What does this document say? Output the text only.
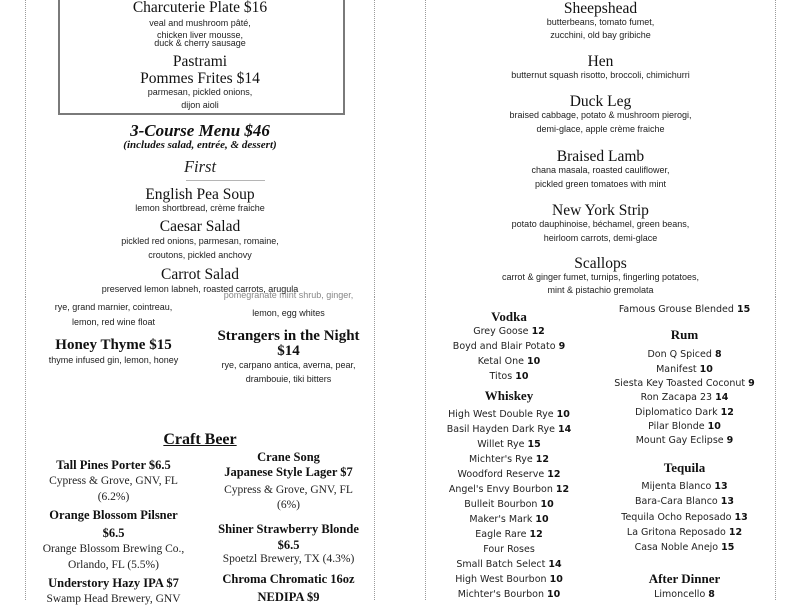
Charcuterie Plate $16
veal and mushroom pâté,
chicken liver mousse,
duck & cherry sausage
Pastrami
Pommes Frites $14
parmesan, pickled onions,
dijon aioli
3-Course Menu $46
(includes salad, entrée, & dessert)
First
English Pea Soup
lemon shortbread, crème fraiche
Caesar Salad
pickled red onions, parmesan, romaine,
croutons, pickled anchovy
Carrot Salad
preserved lemon labneh, roasted carrots, arugula
Sheepshead
butterbeans, tomato fumet,
zucchini, old bay gribiche
Hen
butternut squash risotto, broccoli, chimichurri
Duck Leg
braised cabbage, potato & mushroom pierogi,
demi-glace, apple crème fraiche
Braised Lamb
chana masala, roasted cauliflower,
pickled green tomatoes with mint
New York Strip
potato dauphinoise, béchamel, green beans,
heirloom carrots, demi-glace
Scallops
carrot & ginger fumet, turnips, fingerling potatoes,
mint & pistachio gremolata
rye, grand marnier, cointreau,
lemon, red wine float
Honey Thyme $15
thyme infused gin, lemon, honey
pomegranate mint shrub, ginger,
lemon, egg whites
Strangers in the Night
$14
rye, carpano antica, averna, pear,
drambouie, tiki bitters
Craft Beer
Tall Pines Porter $6.5
Cypress & Grove, GNV, FL
(6.2%)
Orange Blossom Pilsner
$6.5
Orange Blossom Brewing Co.,
Orlando, FL (5.5%)
Understory Hazy IPA $7
Swamp Head Brewery, GNV
Crane Song
Japanese Style Lager $7
Cypress & Grove, GNV, FL
(6%)
Shiner Strawberry Blonde
$6.5
Spoetzl Brewery, TX (4.3%)
Chroma Chromatic 16oz
NEDIPA $9
Vodka
Grey Goose 12
Boyd and Blair Potato 9
Ketal One 10
Titos 10
Whiskey
High West Double Rye 10
Basil Hayden Dark Rye 14
Willet Rye 15
Michter's Rye 12
Woodford Reserve 12
Angel's Envy Bourbon 12
Bulleit Bourbon 10
Maker's Mark 10
Eagle Rare 12
Four Roses
Small Batch Select 14
High West Bourbon 10
Michter's Bourbon 10
Famous Grouse Blended 15
Rum
Don Q Spiced 8
Manifest 10
Siesta Key Toasted Coconut 9
Ron Zacapa 23 14
Diplomatico Dark 12
Pilar Blonde 10
Mount Gay Eclipse 9
Tequila
Mijenta Blanco 13
Bara-Cara Blanco 13
Tequila Ocho Reposado 13
La Gritona Reposado 12
Casa Noble Anejo 15
After Dinner
Limoncello 8
